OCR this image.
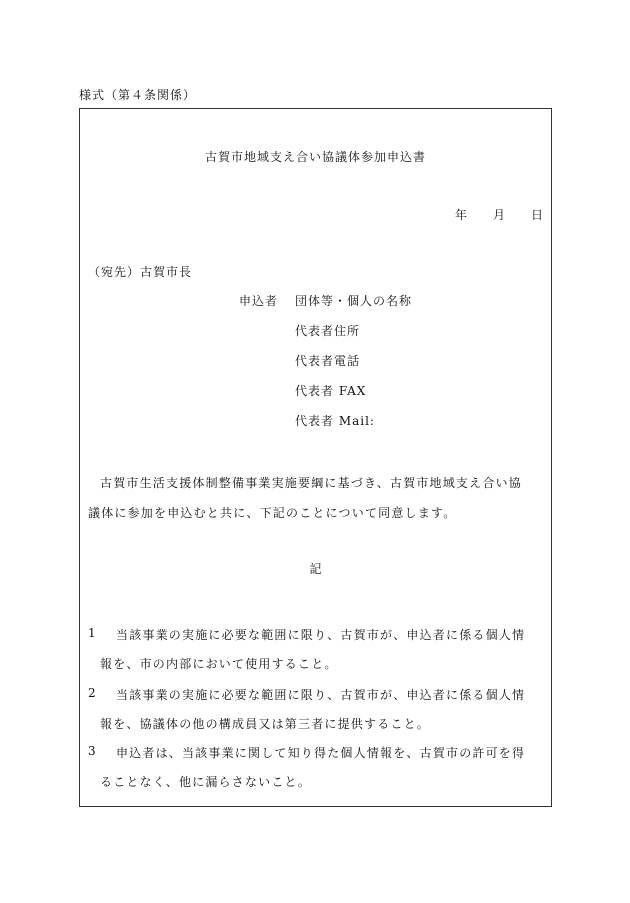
様式（第４条関係）
古賀市地域支え合い協議体参加申込書
年 月 日
（宛先）古賀市長
申込者 団体等・個人の名称
代表者住所
代表者電話
代表者 FAX
代表者 Mail:
古賀市生活支援体制整備事業実施要綱に基づき、古賀市地域支え合い協
議体に参加を申込むと共に、下記のことについて同意します。
記
1 当該事業の実施に必要な範囲に限り、古賀市が、申込者に係る個人情
報を、市の内部において使用すること。
2 当該事業の実施に必要な範囲に限り、古賀市が、申込者に係る個人情
報を、協議体の他の構成員又は第三者に提供すること。
3 申込者は、当該事業に関して知り得た個人情報を、古賀市の許可を得
ることなく、他に漏らさないこと。
